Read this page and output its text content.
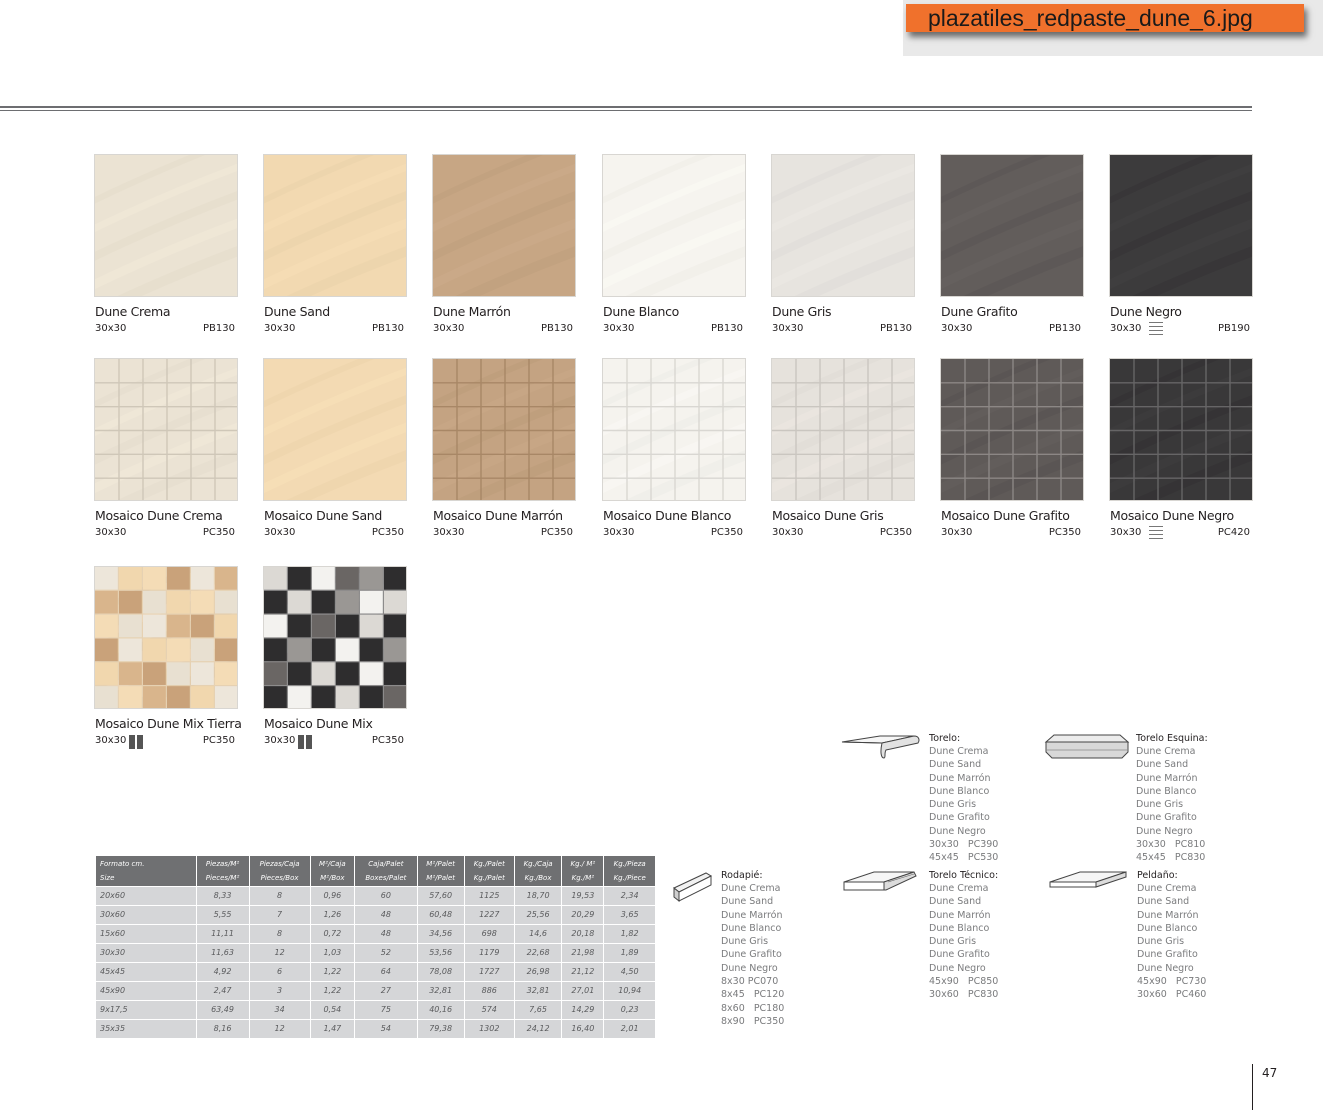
plazatiles_redpaste_dune_6.jpg
Dune Crema
30x30	PB130
Dune Sand
30x30	PB130
Dune Marrón
30x30	PB130
Dune Blanco
30x30	PB130
Dune Gris
30x30	PB130
Dune Grafito
30x30	PB130
Dune Negro
30x30	PB190
Mosaico Dune Crema
30x30	PC350
Mosaico Dune Sand
30x30	PC350
Mosaico Dune Marrón
30x30	PC350
Mosaico Dune Blanco
30x30	PC350
Mosaico Dune Gris
30x30	PC350
Mosaico Dune Grafito
30x30	PC350
Mosaico Dune Negro
30x30	PC420
Mosaico Dune Mix Tierra
30x30	PC350
Mosaico Dune Mix
30x30	PC350
Formato cm.	Piezas/M²	Piezas/Caja	M²/Caja	Caja/Palet	M²/Palet	Kg./Palet	Kg./Caja	Kg./ M²	Kg./Pieza
Size	Pieces/M²	Pieces/Box	M²/Box	Boxes/Palet	M²/Palet	Kg./Palet	Kg./Box	Kg./M²	Kg./Piece
20x60	8,33	8	0,96	60	57,60	1125	18,70	19,53	2,34
30x60	5,55	7	1,26	48	60,48	1227	25,56	20,29	3,65
15x60	11,11	8	0,72	48	34,56	698	14,6	20,18	1,82
30x30	11,63	12	1,03	52	53,56	1179	22,68	21,98	1,89
45x45	4,92	6	1,22	64	78,08	1727	26,98	21,12	4,50
45x90	2,47	3	1,22	27	32,81	886	32,81	27,01	10,94
9x17,5	63,49	34	0,54	75	40,16	574	7,65	14,29	0,23
35x35	8,16	12	1,47	54	79,38	1302	24,12	16,40	2,01
Rodapié:
Dune Crema
Dune Sand
Dune Marrón
Dune Blanco
Dune Gris
Dune Grafito
Dune Negro
8x30 PC070
8x45   PC120
8x60   PC180
8x90   PC350
Torelo:
Dune Crema
Dune Sand
Dune Marrón
Dune Blanco
Dune Gris
Dune Grafito
Dune Negro
30x30   PC390
45x45   PC530
Torelo Esquina:
Dune Crema
Dune Sand
Dune Marrón
Dune Blanco
Dune Gris
Dune Grafito
Dune Negro
30x30   PC810
45x45   PC830
Torelo Técnico:
Dune Crema
Dune Sand
Dune Marrón
Dune Blanco
Dune Gris
Dune Grafito
Dune Negro
45x90   PC850
30x60   PC830
Peldaño:
Dune Crema
Dune Sand
Dune Marrón
Dune Blanco
Dune Gris
Dune Grafito
Dune Negro
45x90   PC730
30x60   PC460
47
